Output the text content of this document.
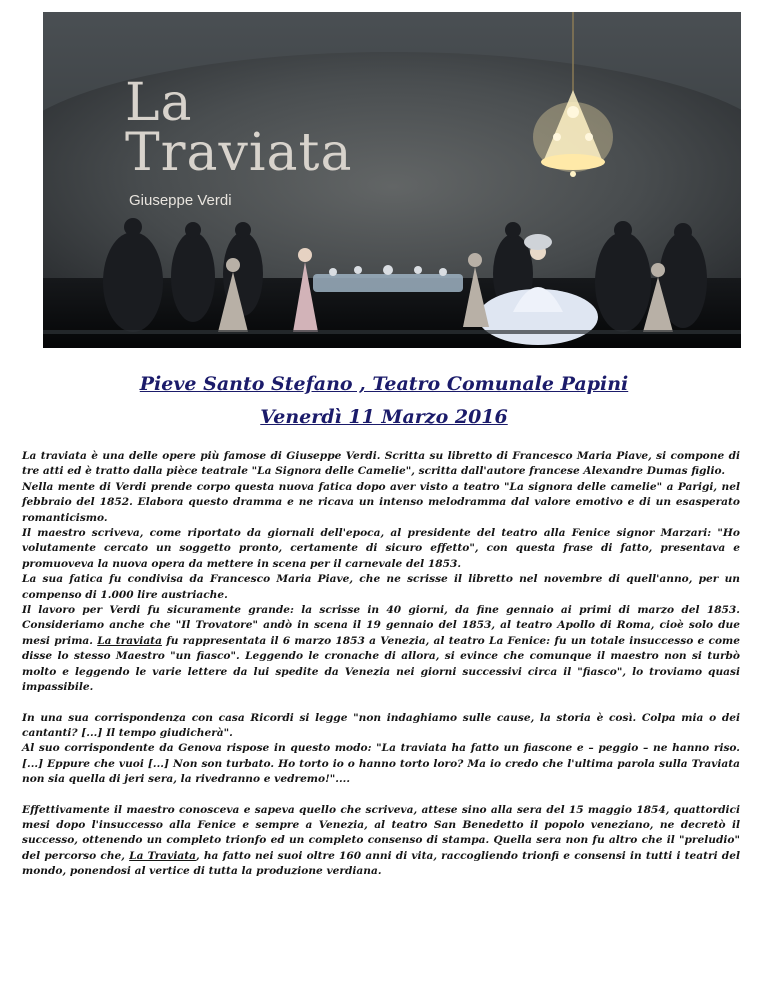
La
Traviata
Giuseppe Verdi
Pieve Santo Stefano , Teatro Comunale Papini
Venerdì 11 Marzo 2016

La traviata è una delle opere più famose di Giuseppe Verdi. Scritta su libretto di Francesco Maria Piave, si compone di tre atti ed è tratto dalla pièce teatrale "La Signora delle Camelie", scritta dall'autore francese Alexandre Dumas figlio.

Nella mente di Verdi prende corpo questa nuova fatica dopo aver visto a teatro "La signora delle camelie" a Parigi, nel febbraio del 1852. Elabora questo dramma e ne ricava un intenso melodramma dal valore emotivo e di un esasperato romanticismo.

Il maestro scriveva, come riportato da giornali dell'epoca, al presidente del teatro alla Fenice signor Marzari: "Ho volutamente cercato un soggetto pronto, certamente di sicuro effetto", con questa frase di fatto, presentava e promuoveva la nuova opera da mettere in scena per il carnevale del 1853.

La sua fatica fu condivisa da Francesco Maria Piave, che ne scrisse il libretto nel novembre di quell'anno, per un compenso di 1.000 lire austriache.

Il lavoro per Verdi fu sicuramente grande: la scrisse in 40 giorni, da fine gennaio ai primi di marzo del 1853. Consideriamo anche che "Il Trovatore" andò in scena il 19 gennaio del 1853, al teatro Apollo di Roma, cioè solo due mesi prima. La traviata fu rappresentata il 6 marzo 1853 a Venezia, al teatro La Fenice: fu un totale insuccesso e come disse lo stesso Maestro "un fiasco". Leggendo le cronache di allora, si evince che comunque il maestro non si turbò molto e leggendo le varie lettere da lui spedite da Venezia nei giorni successivi circa il "fiasco", lo troviamo quasi impassibile.

In una sua corrispondenza con casa Ricordi si legge "non indaghiamo sulle cause, la storia è così. Colpa mia o dei cantanti? [...] Il tempo giudicherà".

Al suo corrispondente da Genova rispose in questo modo: "La traviata ha fatto un fiascone e – peggio – ne hanno riso. [...] Eppure che vuoi [...] Non son turbato. Ho torto io o hanno torto loro? Ma io credo che l'ultima parola sulla Traviata non sia quella di jeri sera, la rivedranno e vedremo!"....

Effettivamente il maestro conosceva e sapeva quello che scriveva, attese sino alla sera del 15 maggio 1854, quattordici mesi dopo l'insuccesso alla Fenice e sempre a Venezia, al teatro San Benedetto il popolo veneziano, ne decretò il successo, ottenendo un completo trionfo ed un completo consenso di stampa. Quella sera non fu altro che il "preludio" del percorso che, La Traviata, ha fatto nei suoi oltre 160 anni di vita, raccogliendo trionfi e consensi in tutti i teatri del mondo, ponendosi al vertice di tutta la produzione verdiana.
